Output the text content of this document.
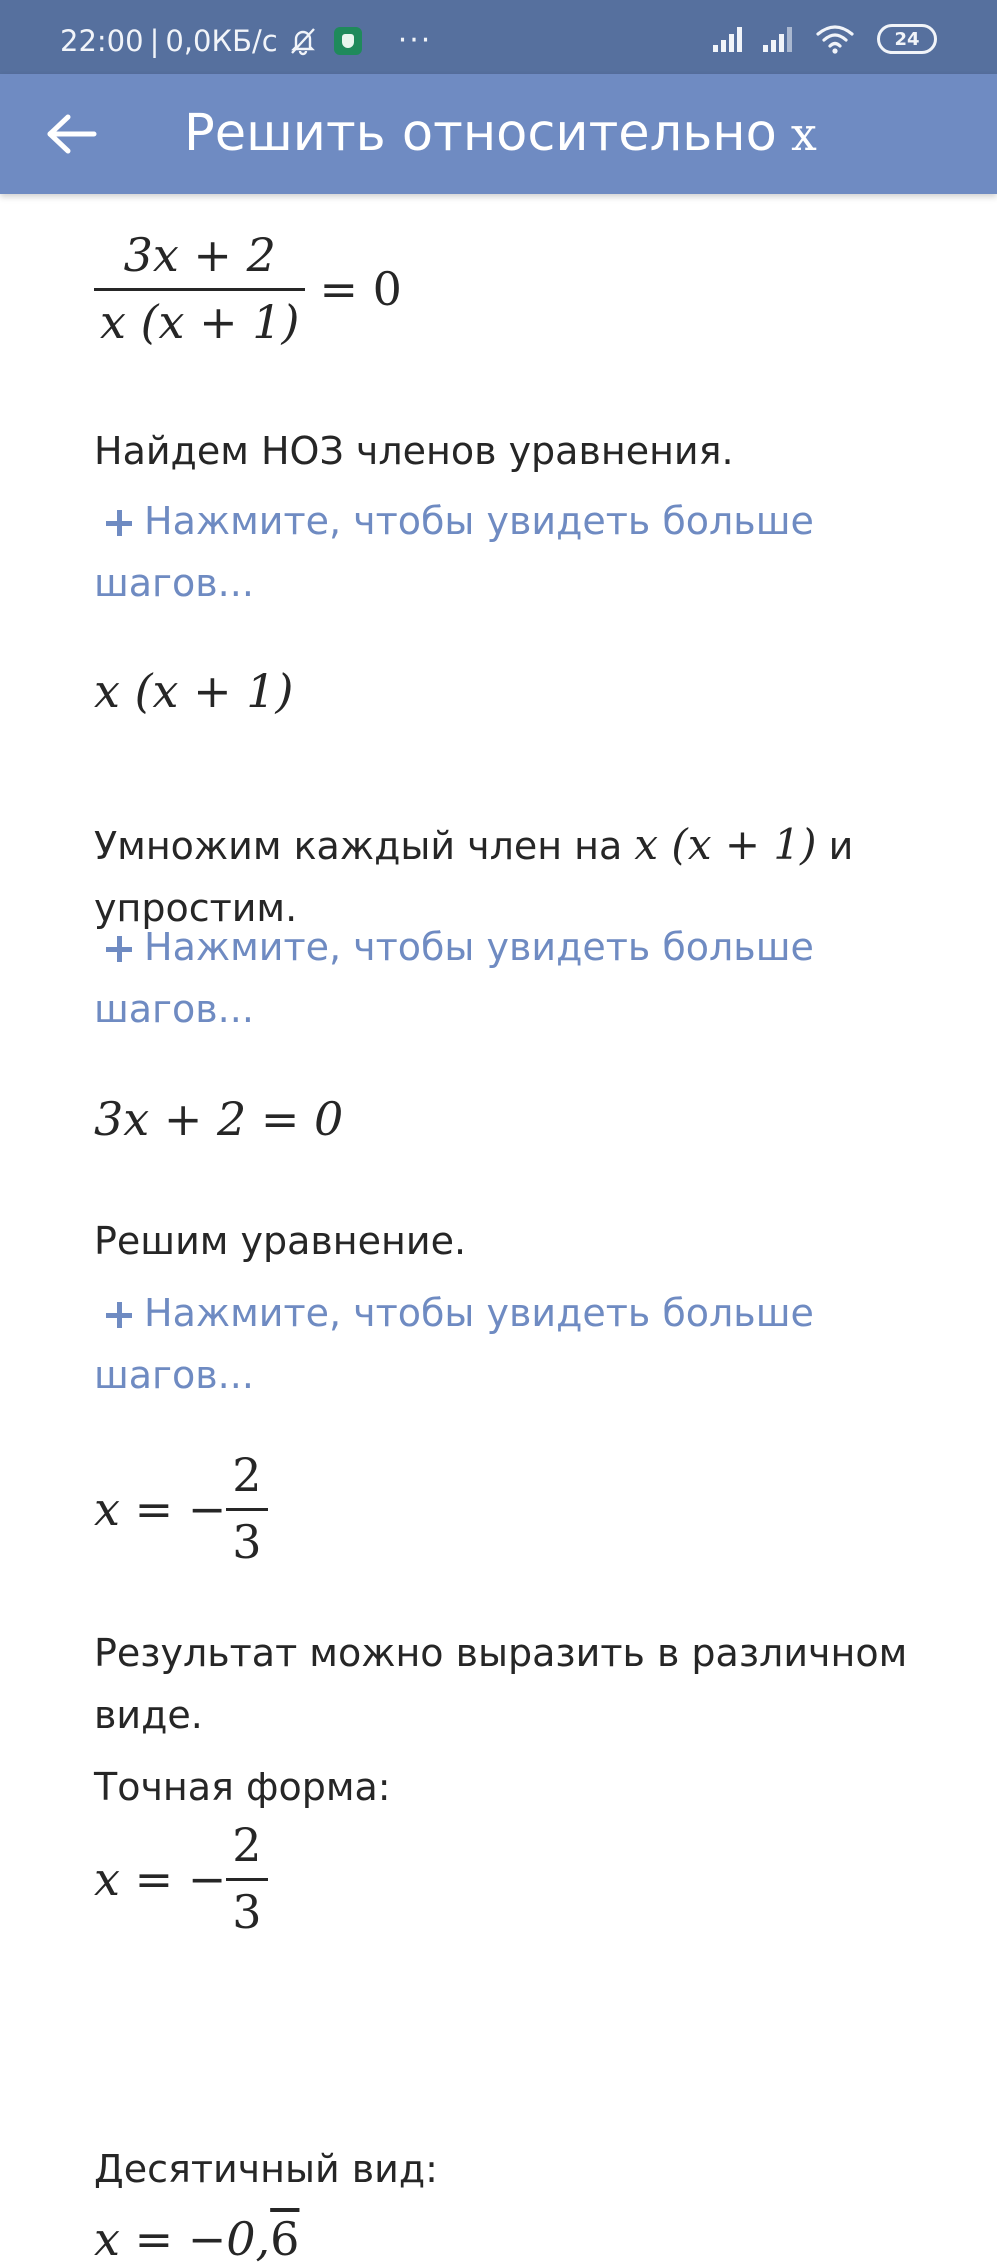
22:00 | 0,0КБ/с	···	24
Решить относительно x
$\frac{3x + 2}{x (x + 1)} = 0$
Найдем НОЗ членов уравнения.
Нажмите, чтобы увидеть больше шагов...
x (x + 1)
Умножим каждый член на x (x + 1) и упростим.
Нажмите, чтобы увидеть больше шагов...
3x + 2 = 0
Решим уравнение.
Нажмите, чтобы увидеть больше шагов...
x = − $\frac{2}{3}$
Результат можно выразить в различном виде.
Точная форма:
x = − $\frac{2}{3}$
Десятичный вид:
x = −0,6
